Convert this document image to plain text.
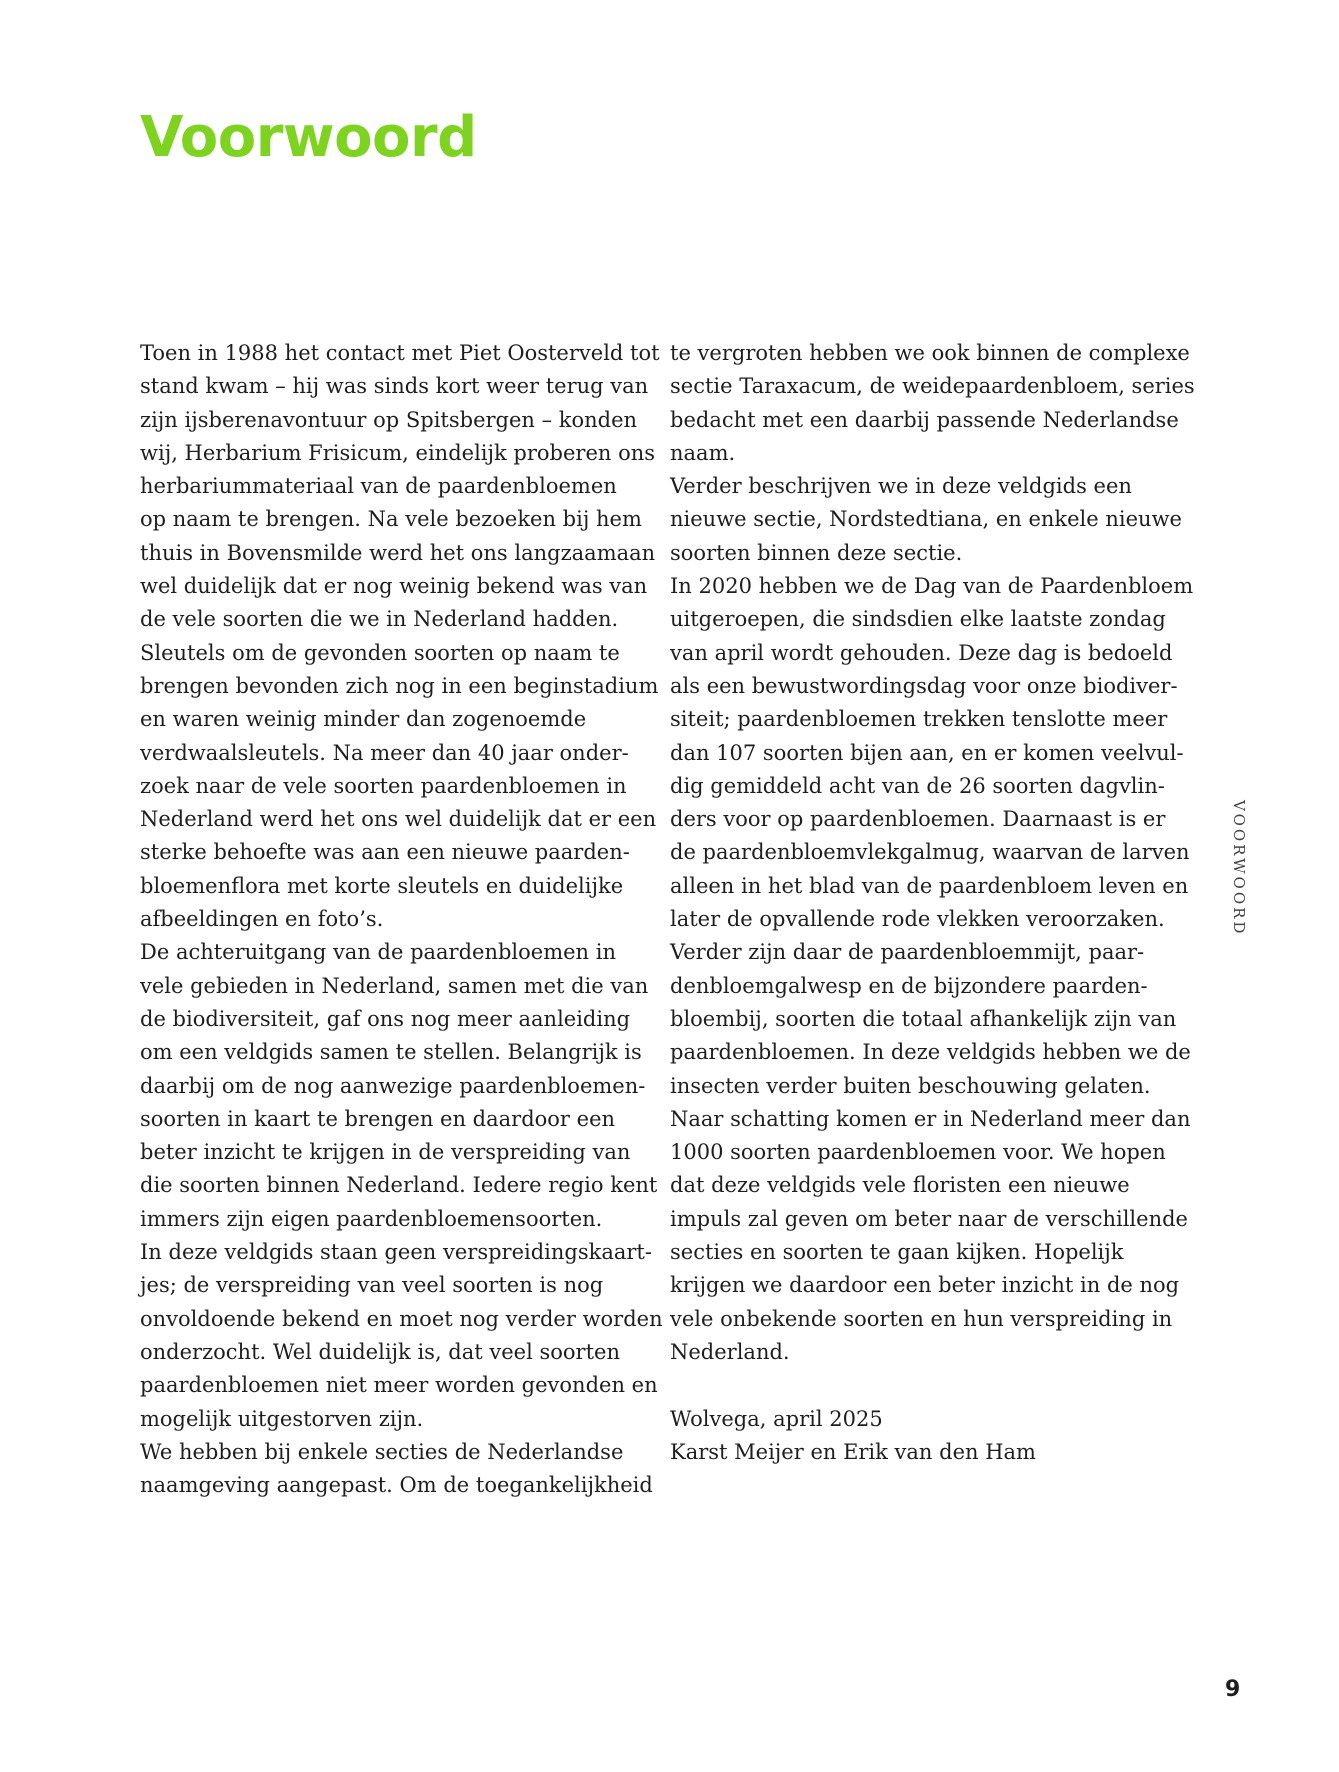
Voorwoord
Toen in 1988 het contact met Piet Oosterveld tot
stand kwam – hij was sinds kort weer terug van
zijn ijsberenavontuur op Spitsbergen – konden
wij, Herbarium Frisicum, eindelijk proberen ons
herbariummateriaal van de paardenbloemen
op naam te brengen. Na vele bezoeken bij hem
thuis in Bovensmilde werd het ons langzaamaan
wel duidelijk dat er nog weinig bekend was van
de vele soorten die we in Nederland hadden.
Sleutels om de gevonden soorten op naam te
brengen bevonden zich nog in een beginstadium
en waren weinig minder dan zogenoemde
verdwaalsleutels. Na meer dan 40 jaar onder-
zoek naar de vele soorten paardenbloemen in
Nederland werd het ons wel duidelijk dat er een
sterke behoefte was aan een nieuwe paarden-
bloemenflora met korte sleutels en duidelijke
afbeeldingen en foto’s.
De achteruitgang van de paardenbloemen in
vele gebieden in Nederland, samen met die van
de biodiversiteit, gaf ons nog meer aanleiding
om een veldgids samen te stellen. Belangrijk is
daarbij om de nog aanwezige paardenbloemen-
soorten in kaart te brengen en daardoor een
beter inzicht te krijgen in de verspreiding van
die soorten binnen Nederland. Iedere regio kent
immers zijn eigen paardenbloemensoorten.
In deze veldgids staan geen verspreidingskaart-
jes; de verspreiding van veel soorten is nog
onvoldoende bekend en moet nog verder worden
onderzocht. Wel duidelijk is, dat veel soorten
paardenbloemen niet meer worden gevonden en
mogelijk uitgestorven zijn.
We hebben bij enkele secties de Nederlandse
naamgeving aangepast. Om de toegankelijkheid
te vergroten hebben we ook binnen de complexe
sectie Taraxacum, de weidepaardenbloem, series
bedacht met een daarbij passende Nederlandse
naam.
Verder beschrijven we in deze veldgids een
nieuwe sectie, Nordstedtiana, en enkele nieuwe
soorten binnen deze sectie.
In 2020 hebben we de Dag van de Paardenbloem
uitgeroepen, die sindsdien elke laatste zondag
van april wordt gehouden. Deze dag is bedoeld
als een bewustwordingsdag voor onze biodiver-
siteit; paardenbloemen trekken tenslotte meer
dan 107 soorten bijen aan, en er komen veelvul-
dig gemiddeld acht van de 26 soorten dagvlin-
ders voor op paardenbloemen. Daarnaast is er
de paardenbloemvlekgalmug, waarvan de larven
alleen in het blad van de paardenbloem leven en
later de opvallende rode vlekken veroorzaken.
Verder zijn daar de paardenbloemmijt, paar-
denbloemgalwesp en de bijzondere paarden-
bloembij, soorten die totaal afhankelijk zijn van
paardenbloemen. In deze veldgids hebben we de
insecten verder buiten beschouwing gelaten.
Naar schatting komen er in Nederland meer dan
1000 soorten paardenbloemen voor. We hopen
dat deze veldgids vele floristen een nieuwe
impuls zal geven om beter naar de verschillende
secties en soorten te gaan kijken. Hopelijk
krijgen we daardoor een beter inzicht in de nog
vele onbekende soorten en hun verspreiding in
Nederland.
Wolvega, april 2025
Karst Meijer en Erik van den Ham
VOORWOORD
9
